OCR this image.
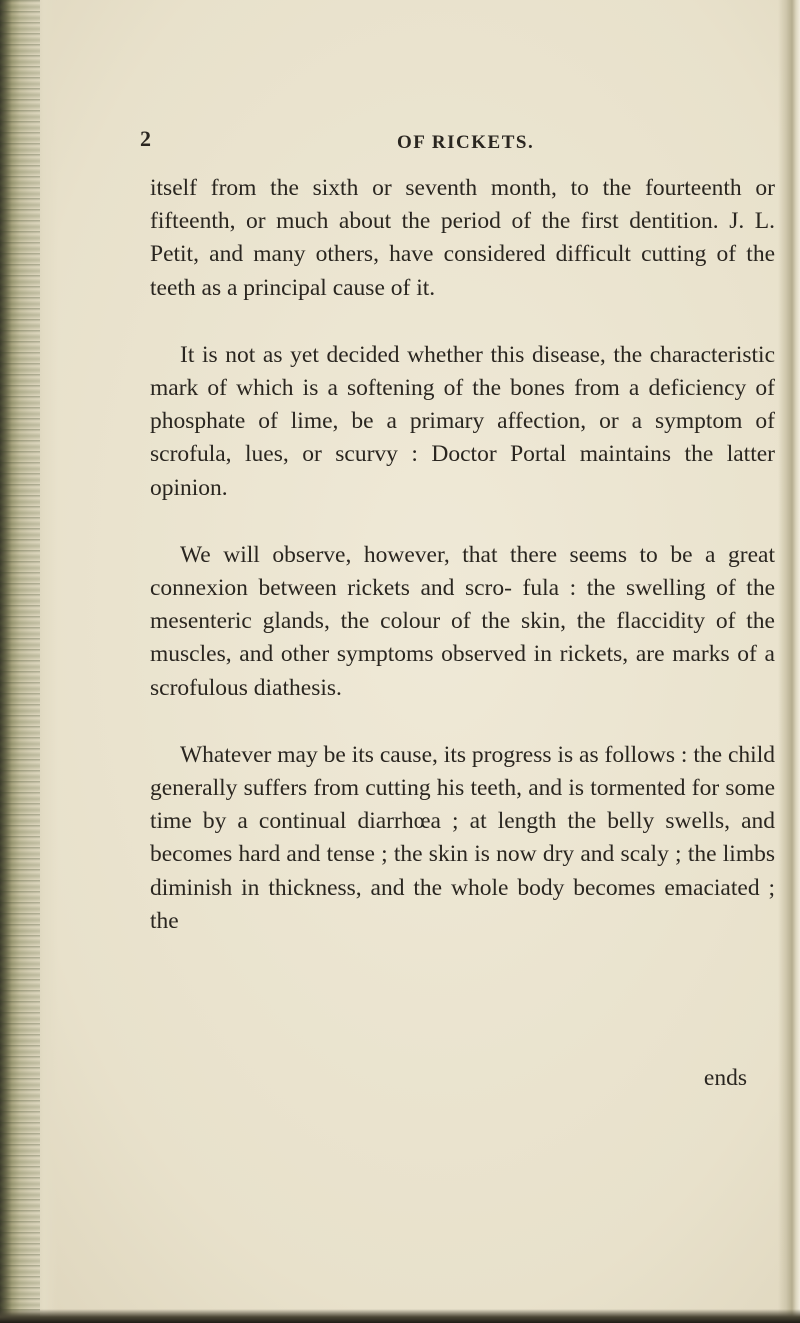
2	OF RICKETS.

itself from the sixth or seventh month, to the fourteenth or fifteenth, or much about the period of the first dentition. J. L. Petit, and many others, have considered difficult cutting of the teeth as a principal cause of it.

It is not as yet decided whether this disease, the characteristic mark of which is a softening of the bones from a deficiency of phosphate of lime, be a primary affection, or a symptom of scrofula, lues, or scurvy : Doctor Portal maintains the latter opinion.

We will observe, however, that there seems to be a great connexion between rickets and scro- fula : the swelling of the mesenteric glands, the colour of the skin, the flaccidity of the muscles, and other symptoms observed in rickets, are marks of a scrofulous diathesis.

Whatever may be its cause, its progress is as follows : the child generally suffers from cutting his teeth, and is tormented for some time by a continual diarrhœa ; at length the belly swells, and becomes hard and tense ; the skin is now dry and scaly ; the limbs diminish in thickness, and the whole body becomes emaciated ; the

ends
